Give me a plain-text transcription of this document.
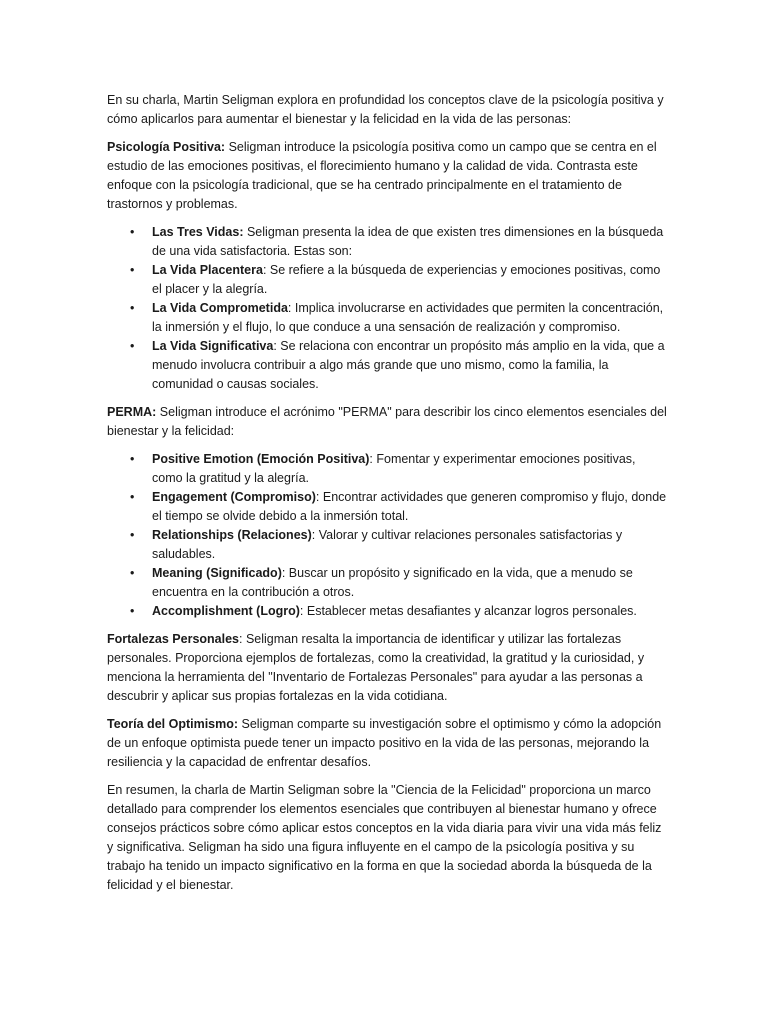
En su charla, Martin Seligman explora en profundidad los conceptos clave de la psicología positiva y cómo aplicarlos para aumentar el bienestar y la felicidad en la vida de las personas:

Psicología Positiva: Seligman introduce la psicología positiva como un campo que se centra en el estudio de las emociones positivas, el florecimiento humano y la calidad de vida. Contrasta este enfoque con la psicología tradicional, que se ha centrado principalmente en el tratamiento de trastornos y problemas.

• Las Tres Vidas: Seligman presenta la idea de que existen tres dimensiones en la búsqueda de una vida satisfactoria. Estas son:
• La Vida Placentera: Se refiere a la búsqueda de experiencias y emociones positivas, como el placer y la alegría.
• La Vida Comprometida: Implica involucrarse en actividades que permiten la concentración, la inmersión y el flujo, lo que conduce a una sensación de realización y compromiso.
• La Vida Significativa: Se relaciona con encontrar un propósito más amplio en la vida, que a menudo involucra contribuir a algo más grande que uno mismo, como la familia, la comunidad o causas sociales.

PERMA: Seligman introduce el acrónimo "PERMA" para describir los cinco elementos esenciales del bienestar y la felicidad:

• Positive Emotion (Emoción Positiva): Fomentar y experimentar emociones positivas, como la gratitud y la alegría.
• Engagement (Compromiso): Encontrar actividades que generen compromiso y flujo, donde el tiempo se olvide debido a la inmersión total.
• Relationships (Relaciones): Valorar y cultivar relaciones personales satisfactorias y saludables.
• Meaning (Significado): Buscar un propósito y significado en la vida, que a menudo se encuentra en la contribución a otros.
• Accomplishment (Logro): Establecer metas desafiantes y alcanzar logros personales.

Fortalezas Personales: Seligman resalta la importancia de identificar y utilizar las fortalezas personales. Proporciona ejemplos de fortalezas, como la creatividad, la gratitud y la curiosidad, y menciona la herramienta del "Inventario de Fortalezas Personales" para ayudar a las personas a descubrir y aplicar sus propias fortalezas en la vida cotidiana.

Teoría del Optimismo: Seligman comparte su investigación sobre el optimismo y cómo la adopción de un enfoque optimista puede tener un impacto positivo en la vida de las personas, mejorando la resiliencia y la capacidad de enfrentar desafíos.

En resumen, la charla de Martin Seligman sobre la "Ciencia de la Felicidad" proporciona un marco detallado para comprender los elementos esenciales que contribuyen al bienestar humano y ofrece consejos prácticos sobre cómo aplicar estos conceptos en la vida diaria para vivir una vida más feliz y significativa. Seligman ha sido una figura influyente en el campo de la psicología positiva y su trabajo ha tenido un impacto significativo en la forma en que la sociedad aborda la búsqueda de la felicidad y el bienestar.
